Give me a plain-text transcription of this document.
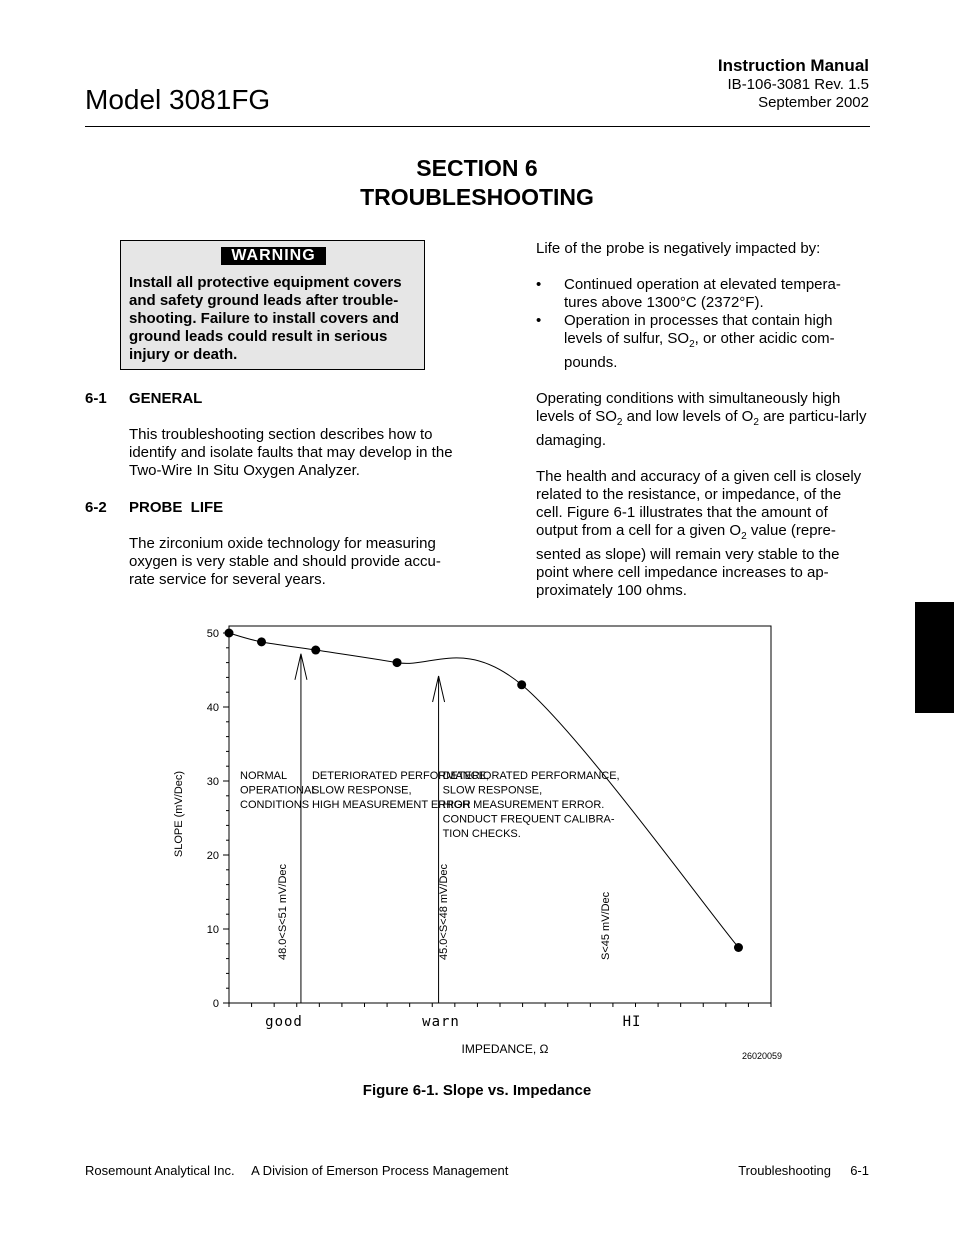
Model 3081FG
Instruction Manual
IB-106-3081 Rev. 1.5
September 2002
SECTION 6
TROUBLESHOOTING
WARNING
Install all protective equipment covers and safety ground leads after trouble-shooting. Failure to install covers and ground leads could result in serious injury or death.
6-1 GENERAL
This troubleshooting section describes how to identify and isolate faults that may develop in the Two-Wire In Situ Oxygen Analyzer.
6-2 PROBE  LIFE
The zirconium oxide technology for measuring oxygen is very stable and should provide accu-rate service for several years.
Life of the probe is negatively impacted by:
• Continued operation at elevated tempera-tures above 1300°C (2372°F).
• Operation in processes that contain high levels of sulfur, $SO_2$, or other acidic com-pounds.
Operating conditions with simultaneously high levels of $SO_2$ and low levels of $O_2$ are particu-larly damaging.
The health and accuracy of a given cell is closely related to the resistance, or impedance, of the cell. Figure 6-1 illustrates that the amount of output from a cell for a given $O_2$ value (repre-sented as slope) will remain very stable to the point where cell impedance increases to ap-proximately 100 ohms.
0
10
20
30
40
50
NORMAL OPERATIONAL CONDITIONS
DETERIORATED PERFORMANCE, SLOW RESPONSE, HIGH MEASUREMENT ERROR
DETERIORATED PERFORMANCE, SLOW RESPONSE, HIGH MEASUREMENT ERROR. CONDUCT FREQUENT CALIBRA-TION CHECKS.
48.0<S<51 mV/Dec	45.0<S<48 mV/Dec	S<45 mV/Dec
good	warn	HI
SLOPE (mV/Dec)
IMPEDANCE, Ω	26020059
Figure 6-1. Slope vs. Impedance
Rosemount Analytical Inc. A Division of Emerson Process Management	Troubleshooting 6-1
